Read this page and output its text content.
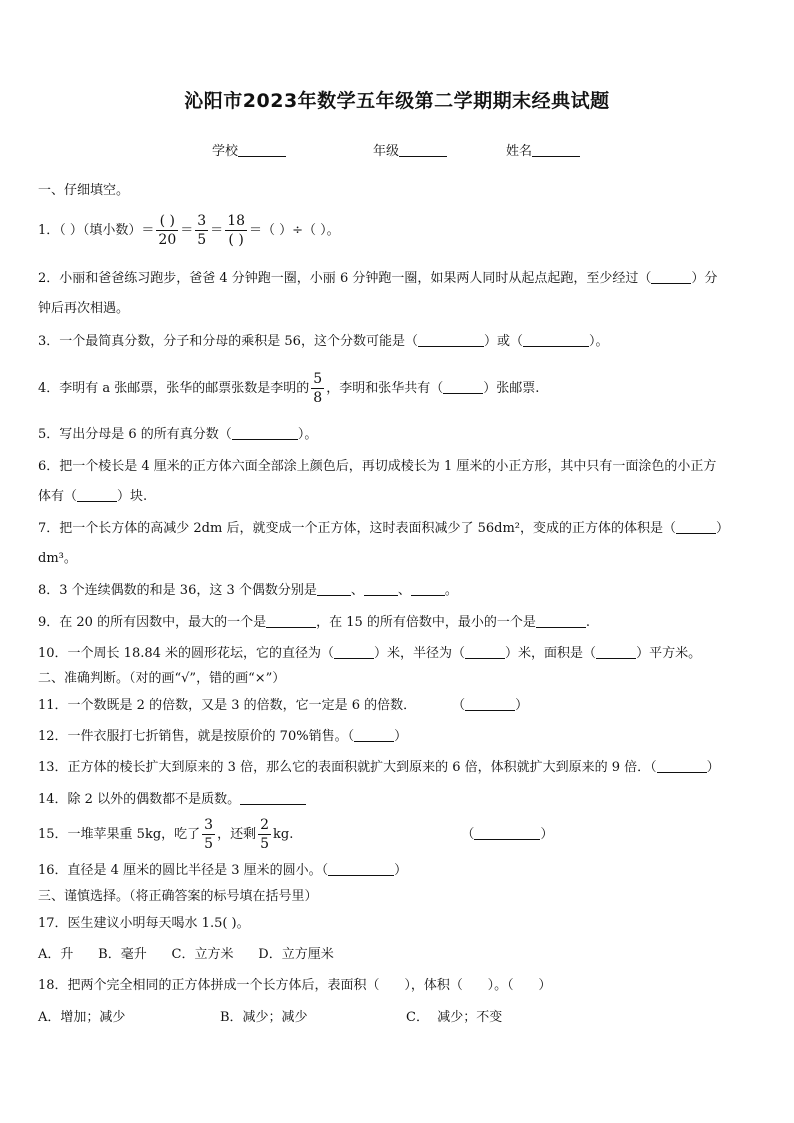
沁阳市2023年数学五年级第二学期期末经典试题
学校	年级	姓名
一、仔细填空。
1．（ ）（填小数）＝ $\frac{( )}{20} = \frac{3}{5} = \frac{18}{( )}$ ＝（ ）÷（ ）。
2．小丽和爸爸练习跑步，爸爸 4 分钟跑一圈，小丽 6 分钟跑一圈，如果两人同时从起点起跑，至少经过（	）分
钟后再次相遇。
3．一个最简真分数，分子和分母的乘积是 56，这个分数可能是（	）或（	）。
4．李明有 a 张邮票，张华的邮票张数是李明的 $\frac{5}{8}$ ，李明和张华共有（	）张邮票.
5．写出分母是 6 的所有真分数（	）。
6．把一个棱长是 4 厘米的正方体六面全部涂上颜色后，再切成棱长为 1 厘米的小正方形，其中只有一面涂色的小正方
体有（	）块.
7．把一个长方体的高减少 2dm 后，就变成一个正方体，这时表面积减少了 56dm²，变成的正方体的体积是（	）
dm³。
8．3 个连续偶数的和是 36，这 3 个偶数分别是	、	、	。
9．在 20 的所有因数中，最大的一个是	，在 15 的所有倍数中，最小的一个是	.
10．一个周长 18.84 米的圆形花坛，它的直径为（	）米，半径为（	）米，面积是（	）平方米。
二、准确判断。（对的画“√”，错的画“×”）
11．一个数既是 2 的倍数，又是 3 的倍数，它一定是 6 的倍数．	（	）
12．一件衣服打七折销售，就是按原价的 70%销售。（	）
13．正方体的棱长扩大到原来的 3 倍，那么它的表面积就扩大到原来的 6 倍，体积就扩大到原来的 9 倍．（	）
14．除 2 以外的偶数都不是质数。
15．一堆苹果重 5kg，吃了 $\frac{3}{5}$ ，还剩 $\frac{2}{5}$ kg.	（	）
16．直径是 4 厘米的圆比半径是 3 厘米的圆小。（	）
三、谨慎选择。（将正确答案的标号填在括号里）
17．医生建议小明每天喝水 1.5( )。
A．升      B．毫升      C．立方米      D．立方厘米
18．把两个完全相同的正方体拼成一个长方体后，表面积（      ），体积（      ）。（      ）
A．增加；减少	B．减少；减少	C．  减少；不变
